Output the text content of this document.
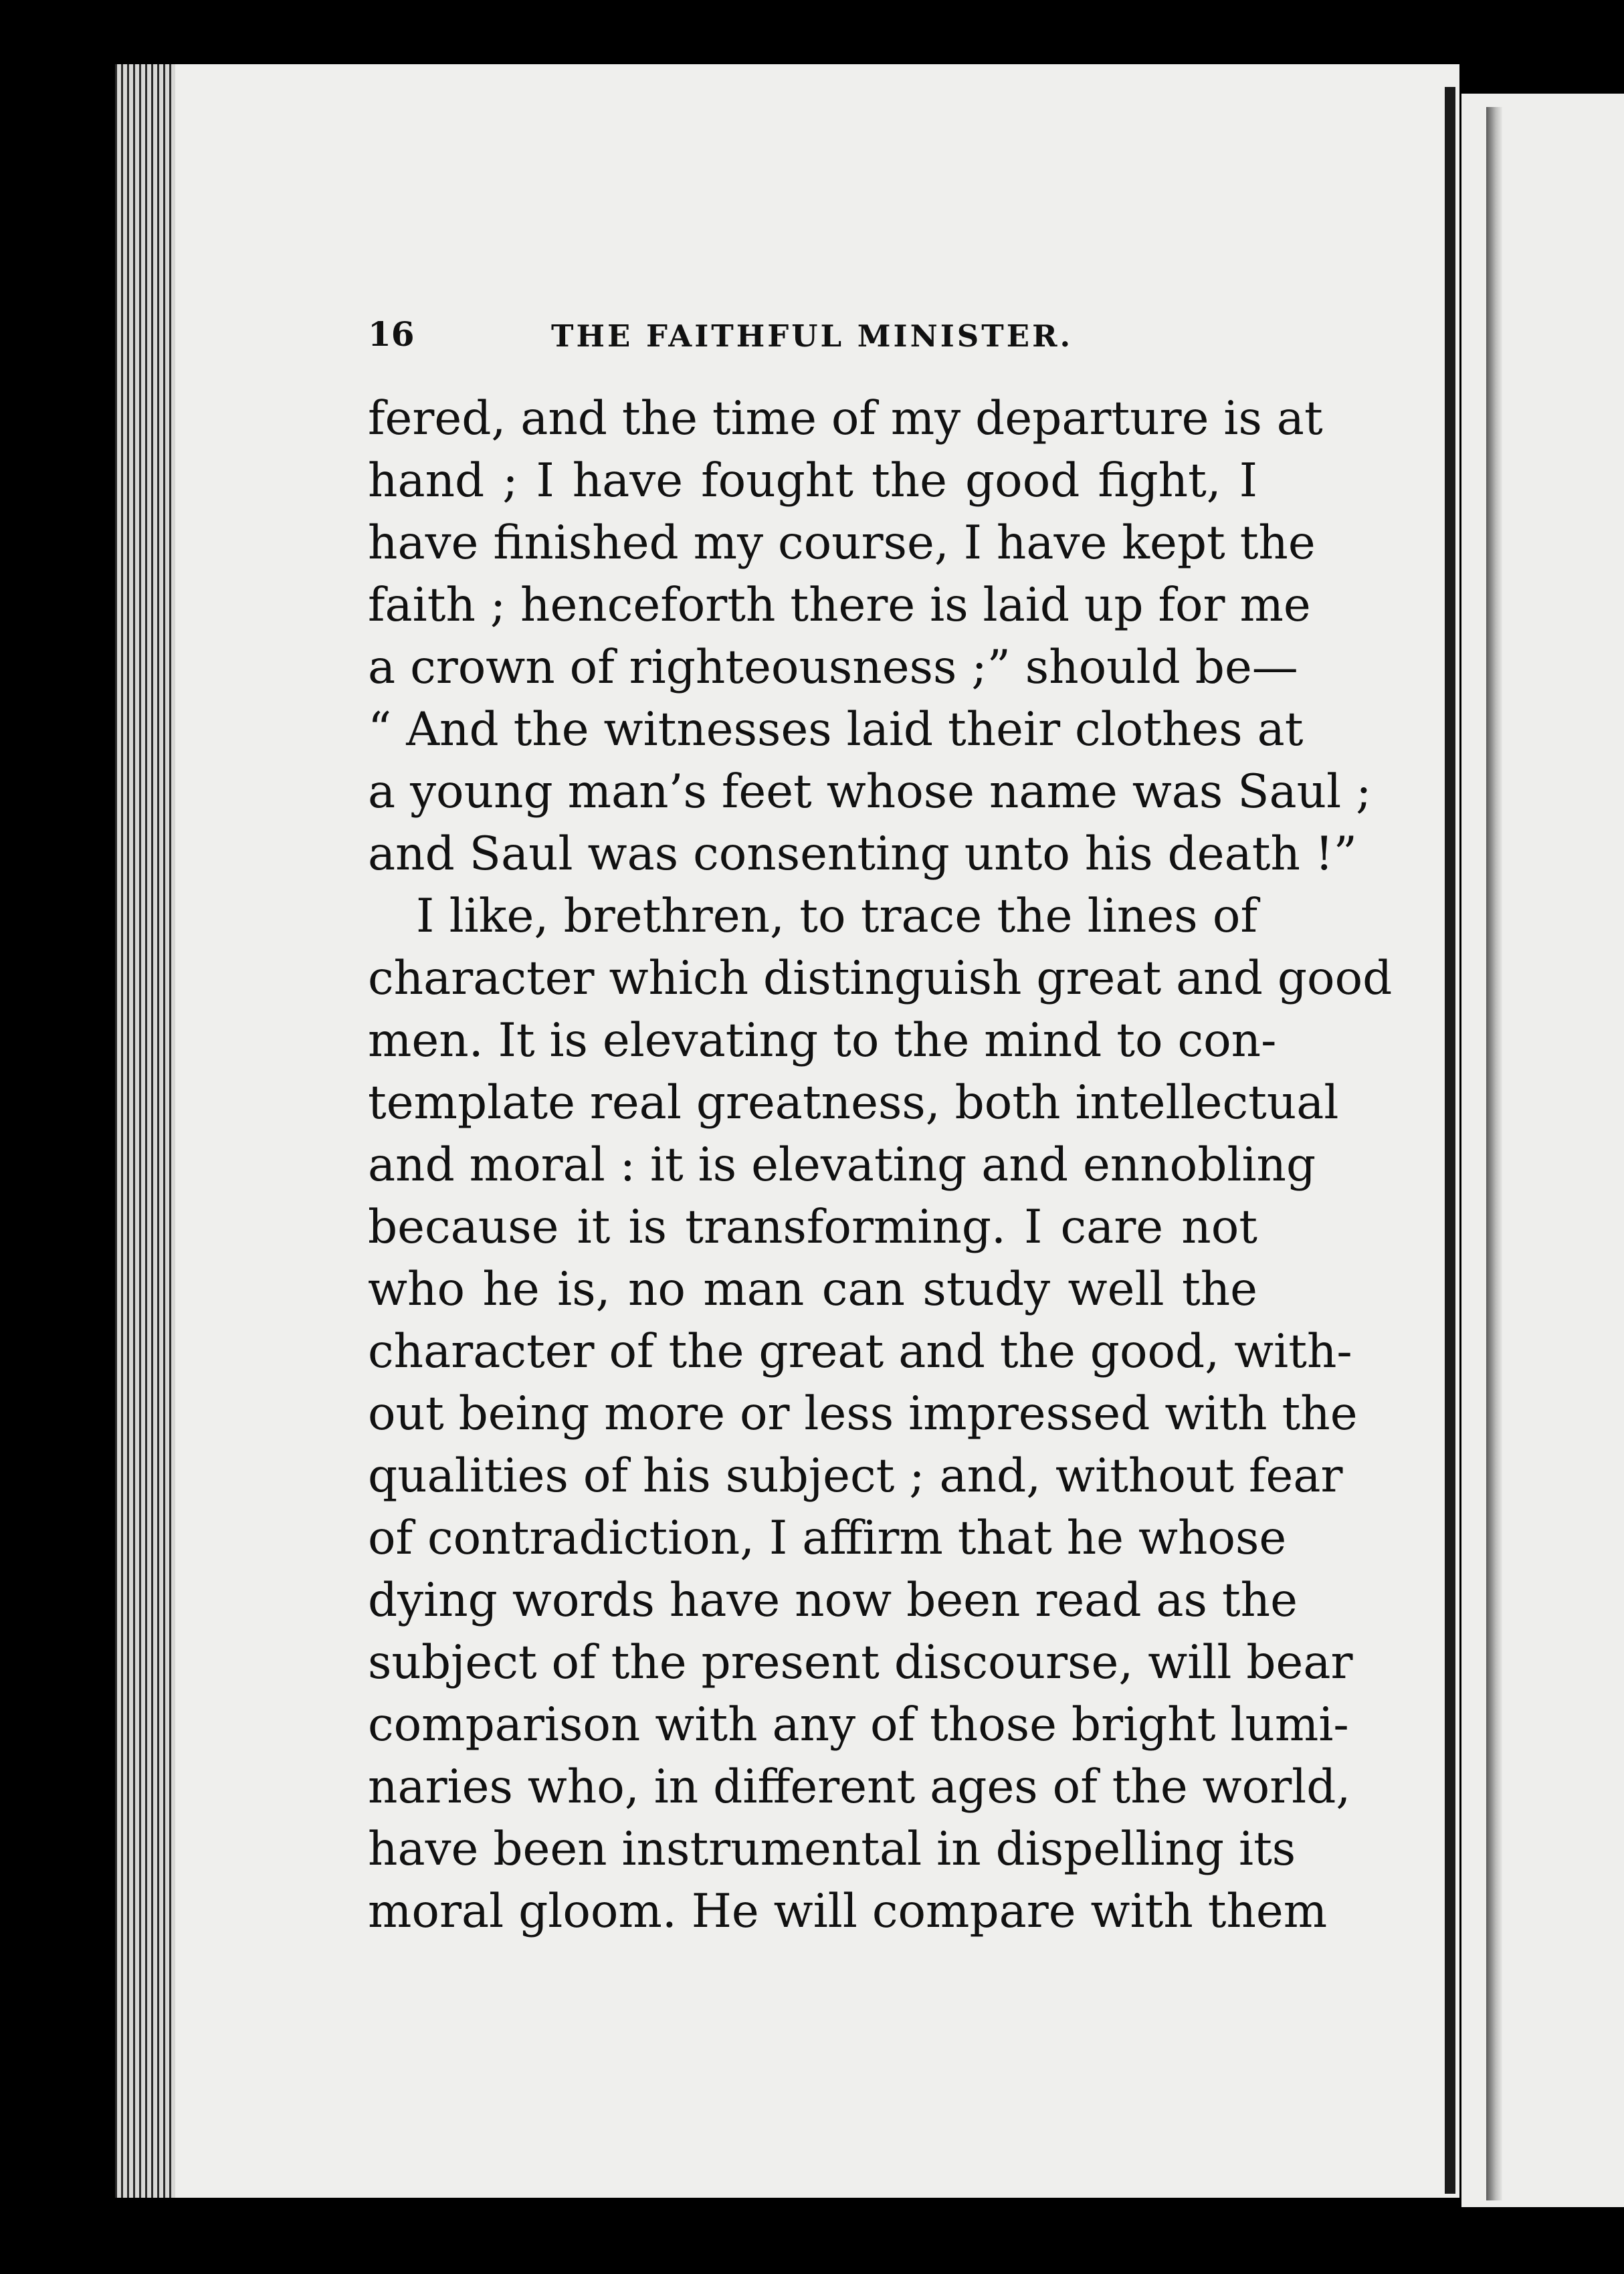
16	THE FAITHFUL MINISTER.
fered, and the time of my departure is at
hand ; I have fought the good fight, I
have finished my course, I have kept the
faith ; henceforth there is laid up for me
a crown of righteousness ;” should be—
“ And the witnesses laid their clothes at
a young man’s feet whose name was Saul ;
and Saul was consenting unto his death !”
I like, brethren, to trace the lines of
character which distinguish great and good
men. It is elevating to the mind to con-
template real greatness, both intellectual
and moral : it is elevating and ennobling
because it is transforming. I care not
who he is, no man can study well the
character of the great and the good, with-
out being more or less impressed with the
qualities of his subject ; and, without fear
of contradiction, I affirm that he whose
dying words have now been read as the
subject of the present discourse, will bear
comparison with any of those bright lumi-
naries who, in different ages of the world,
have been instrumental in dispelling its
moral gloom. He will compare with them
